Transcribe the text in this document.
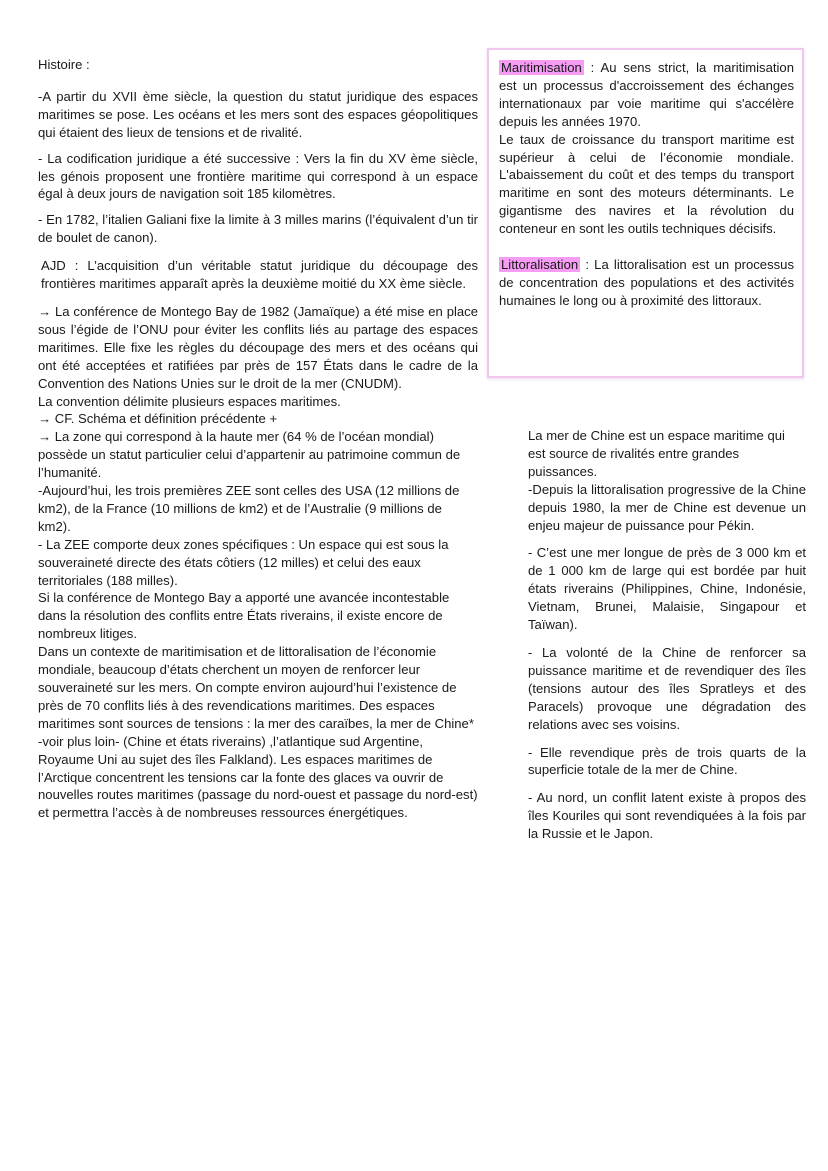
Histoire :

-A partir du XVII ème siècle, la question du statut juridique des espaces maritimes se pose. Les océans et les mers sont des espaces géopolitiques qui étaient des lieux de tensions et de rivalité.

- La codification juridique a été successive : Vers la fin du XV ème siècle, les génois proposent une frontière maritime qui correspond à un espace égal à deux jours de navigation soit 185 kilomètres.

- En 1782, l’italien Galiani fixe la limite à 3 milles marins (l’équivalent d’un tir de boulet de canon).

AJD : L’acquisition d’un véritable statut juridique du découpage des frontières maritimes apparaît après la deuxième moitié du XX ème siècle.

→ La conférence de Montego Bay de 1982 (Jamaïque) a été mise en place sous l’égide de l’ONU pour éviter les conflits liés au partage des espaces maritimes. Elle fixe les règles du découpage des mers et des océans qui ont été acceptées et ratifiées par près de 157 États dans le cadre de la Convention des Nations Unies sur le droit de la mer (CNUDM).

La convention délimite plusieurs espaces maritimes.

→ CF. Schéma et définition précédente +

→ La zone qui correspond à la haute mer (64 % de l’océan mondial) possède un statut particulier celui d’appartenir au patrimoine commun de l’humanité.

-Aujourd’hui, les trois premières ZEE sont celles des USA (12 millions de km2), de la France (10 millions de km2) et de l’Australie (9 millions de km2).

- La ZEE comporte deux zones spécifiques : Un espace qui est sous la souveraineté directe des états côtiers (12 milles) et celui des eaux territoriales (188 milles).

Si la conférence de Montego Bay a apporté une avancée incontestable dans la résolution des conflits entre États riverains, il existe encore de nombreux litiges.

Dans un contexte de maritimisation et de littoralisation de l’économie mondiale, beaucoup d’états cherchent un moyen de renforcer leur souveraineté sur les mers. On compte environ aujourd’hui l’existence de près de 70 conflits liés à des revendications maritimes. Des espaces maritimes sont sources de tensions : la mer des caraïbes, la mer de Chine* -voir plus loin- (Chine et états riverains) ,l’atlantique sud Argentine, Royaume Uni au sujet des îles Falkland). Les espaces maritimes de l’Arctique concentrent les tensions car la fonte des glaces va ouvrir de nouvelles routes maritimes (passage du nord-ouest et passage du nord-est) et permettra l’accès à de nombreuses ressources énergétiques.

Maritimisation : Au sens strict, la maritimisation est un processus d'accroissement des échanges internationaux par voie maritime qui s'accélère depuis les années 1970.

Le taux de croissance du transport maritime est supérieur à celui de l’économie mondiale. L'abaissement du coût et des temps du transport maritime en sont des moteurs déterminants. Le gigantisme des navires et la révolution du conteneur en sont les outils techniques décisifs.

Littoralisation : La littoralisation est un processus de concentration des populations et des activités humaines le long ou à proximité des littoraux.

La mer de Chine est un espace maritime qui est source de rivalités entre grandes puissances.

-Depuis la littoralisation progressive de la Chine depuis 1980, la mer de Chine est devenue un enjeu majeur de puissance pour Pékin.

- C’est une mer longue de près de 3 000 km et de 1 000 km de large qui est bordée par huit états riverains (Philippines, Chine, Indonésie, Vietnam, Brunei, Malaisie, Singapour et Taïwan).

- La volonté de la Chine de renforcer sa puissance maritime et de revendiquer des îles (tensions autour des îles Spratleys et des Paracels) provoque une dégradation des relations avec ses voisins.

- Elle revendique près de trois quarts de la superficie totale de la mer de Chine.

- Au nord, un conflit latent existe à propos des îles Kouriles qui sont revendiquées à la fois par la Russie et le Japon.
